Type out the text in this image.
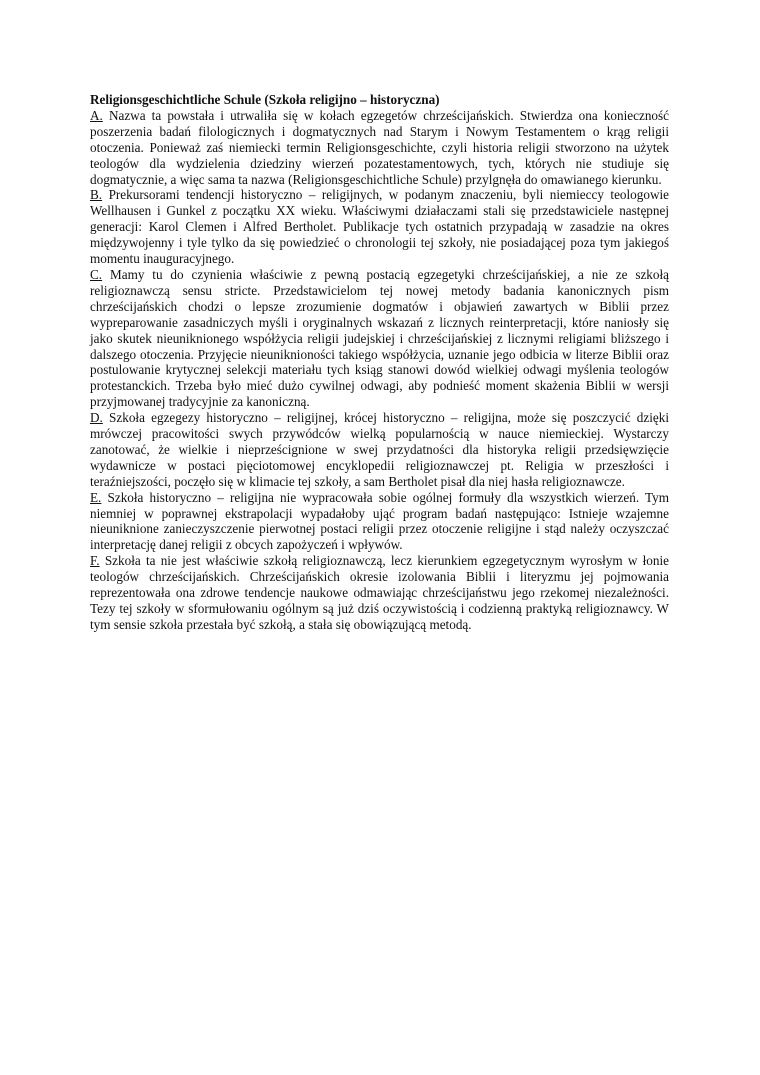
Religionsgeschichtliche Schule (Szkoła religijno – historyczna)

A. Nazwa ta powstała i utrwaliła się w kołach egzegetów chrześcijańskich. Stwierdza ona konieczność poszerzenia badań filologicznych i dogmatycznych nad Starym i Nowym Testamentem o krąg religii otoczenia. Ponieważ zaś niemiecki termin Religionsgeschichte, czyli historia religii stworzono na użytek teologów dla wydzielenia dziedziny wierzeń pozatestamentowych, tych, których nie studiuje się dogmatycznie, a więc sama ta nazwa (Religionsgeschichtliche Schule) przylgnęła do omawianego kierunku.

B. Prekursorami tendencji historyczno – religijnych, w podanym znaczeniu, byli niemieccy teologowie Wellhausen i Gunkel z początku XX wieku. Właściwymi działaczami stali się przedstawiciele następnej generacji: Karol Clemen i Alfred Bertholet. Publikacje tych ostatnich przypadają w zasadzie na okres międzywojenny i tyle tylko da się powiedzieć o chronologii tej szkoły, nie posiadającej poza tym jakiegoś momentu inauguracyjnego.

C. Mamy tu do czynienia właściwie z pewną postacią egzegetyki chrześcijańskiej, a nie ze szkołą religioznawczą sensu stricte. Przedstawicielom tej nowej metody badania kanonicznych pism chrześcijańskich chodzi o lepsze zrozumienie dogmatów i objawień zawartych w Biblii przez wypreparowanie zasadniczych myśli i oryginalnych wskazań z licznych reinterpretacji, które naniosły się jako skutek nieuniknionego współżycia religii judejskiej i chrześcijańskiej z licznymi religiami bliższego i dalszego otoczenia. Przyjęcie nieuniknioności takiego współżycia, uznanie jego odbicia w literze Biblii oraz postulowanie krytycznej selekcji materiału tych ksiąg stanowi dowód wielkiej odwagi myślenia teologów protestanckich. Trzeba było mieć dużo cywilnej odwagi, aby podnieść moment skażenia Biblii w wersji przyjmowanej tradycyjnie za kanoniczną.

D. Szkoła egzegezy historyczno – religijnej, krócej historyczno – religijna, może się poszczycić dzięki mrówczej pracowitości swych przywódców wielką popularnością w nauce niemieckiej. Wystarczy zanotować, że wielkie i nieprześcignione w swej przydatności dla historyka religii przedsięwzięcie wydawnicze w postaci pięciotomowej encyklopedii religioznawczej pt. Religia w przeszłości i teraźniejszości, poczęło się w klimacie tej szkoły, a sam Bertholet pisał dla niej hasła religioznawcze.

E. Szkoła historyczno – religijna nie wypracowała sobie ogólnej formuły dla wszystkich wierzeń. Tym niemniej w poprawnej ekstrapolacji wypadałoby ująć program badań następująco: Istnieje wzajemne nieuniknione zanieczyszczenie pierwotnej postaci religii przez otoczenie religijne i stąd należy oczyszczać interpretację danej religii z obcych zapożyczeń i wpływów.

F. Szkoła ta nie jest właściwie szkołą religioznawczą, lecz kierunkiem egzegetycznym wyrosłym w łonie teologów chrześcijańskich. Chrześcijańskich okresie izolowania Biblii i literyzmu jej pojmowania reprezentowała ona zdrowe tendencje naukowe odmawiając chrześcijaństwu jego rzekomej niezależności. Tezy tej szkoły w sformułowaniu ogólnym są już dziś oczywistością i codzienną praktyką religioznawcy. W tym sensie szkoła przestała być szkołą, a stała się obowiązującą metodą.
